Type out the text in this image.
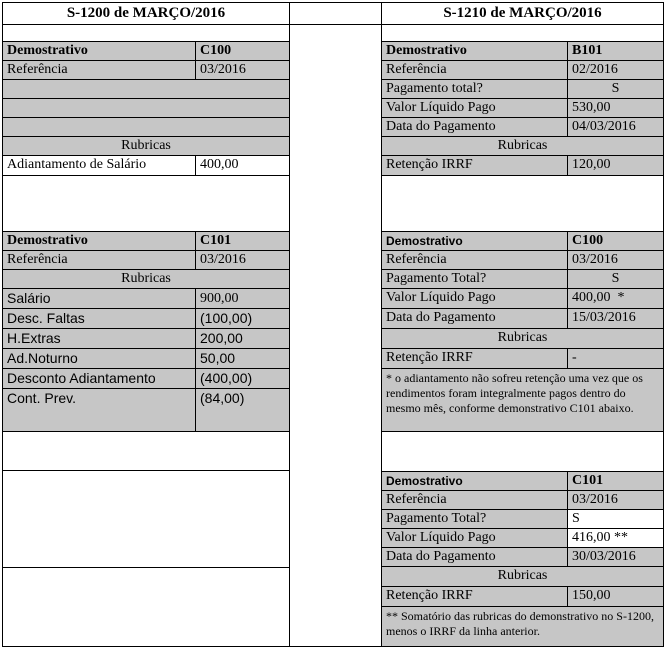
S-1200 de MARÇO/2016	S-1210 de MARÇO/2016
Demostrativo	C100
Referência	03/2016
Rubricas
Adiantamento de Salário	400,00
Demostrativo	C101
Referência	03/2016
Rubricas
Salário	900,00
Desc. Faltas	(100,00)
H.Extras	200,00
Ad.Noturno	50,00
Desconto Adiantamento	(400,00)
Cont. Prev.	(84,00)
Demostrativo	B101
Referência	02/2016
Pagamento total?	S
Valor Líquido Pago	530,00
Data do Pagamento	04/03/2016
Rubricas
Retenção IRRF	120,00
Demostrativo	C100
Referência	03/2016
Pagamento Total?	S
Valor Líquido Pago	400,00  *
Data do Pagamento	15/03/2016
Rubricas
Retenção IRRF	-
* o adiantamento não sofreu retenção uma vez que os rendimentos foram integralmente pagos dentro do mesmo mês, conforme demonstrativo C101 abaixo.
Demostrativo	C101
Referência	03/2016
Pagamento Total?	S
Valor Líquido Pago	416,00 **
Data do Pagamento	30/03/2016
Rubricas
Retenção IRRF	150,00
** Somatório das rubricas do demonstrativo no S-1200, menos o IRRF da linha anterior.
